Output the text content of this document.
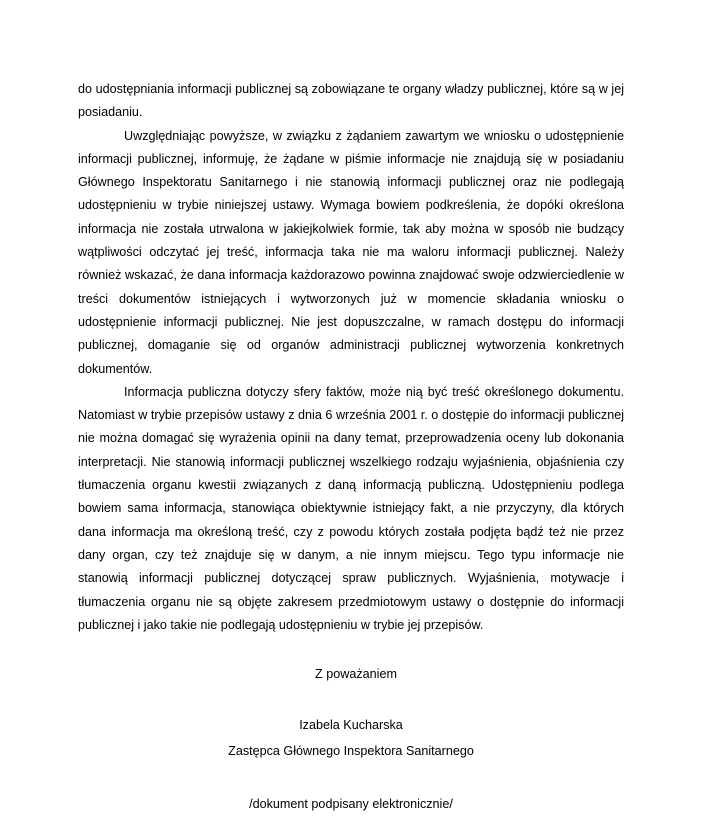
do udostępniania informacji publicznej są zobowiązane te organy władzy publicznej, które są w jej posiadaniu.

Uwzględniając powyższe, w związku z żądaniem zawartym we wniosku o udostępnienie informacji publicznej, informuję, że żądane w piśmie informacje nie znajdują się w posiadaniu Głównego Inspektoratu Sanitarnego i nie stanowią informacji publicznej oraz nie podlegają udostępnieniu w trybie niniejszej ustawy. Wymaga bowiem podkreślenia, że dopóki określona informacja nie została utrwalona w jakiejkolwiek formie, tak aby można w sposób nie budzący wątpliwości odczytać jej treść, informacja taka nie ma waloru informacji publicznej. Należy również wskazać, że dana informacja każdorazowo powinna znajdować swoje odzwierciedlenie w treści dokumentów istniejących i wytworzonych już w momencie składania wniosku o udostępnienie informacji publicznej. Nie jest dopuszczalne, w ramach dostępu do informacji publicznej, domaganie się od organów administracji publicznej wytworzenia konkretnych dokumentów.

Informacja publiczna dotyczy sfery faktów, może nią być treść określonego dokumentu. Natomiast w trybie przepisów ustawy z dnia 6 września 2001 r. o dostępie do informacji publicznej nie można domagać się wyrażenia opinii na dany temat, przeprowadzenia oceny lub dokonania interpretacji. Nie stanowią informacji publicznej wszelkiego rodzaju wyjaśnienia, objaśnienia czy tłumaczenia organu kwestii związanych z daną informacją publiczną. Udostępnieniu podlega bowiem sama informacja, stanowiąca obiektywnie istniejący fakt, a nie przyczyny, dla których dana informacja ma określoną treść, czy z powodu których została podjęta bądź też nie przez dany organ, czy też znajduje się w danym, a nie innym miejscu. Tego typu informacje nie stanowią informacji publicznej dotyczącej spraw publicznych. Wyjaśnienia, motywacje i tłumaczenia organu nie są objęte zakresem przedmiotowym ustawy o dostępnie do informacji publicznej i jako takie nie podlegają udostępnieniu w trybie jej przepisów.

Z poważaniem
Izabela Kucharska
Zastępca Głównego Inspektora Sanitarnego
/dokument podpisany elektronicznie/
